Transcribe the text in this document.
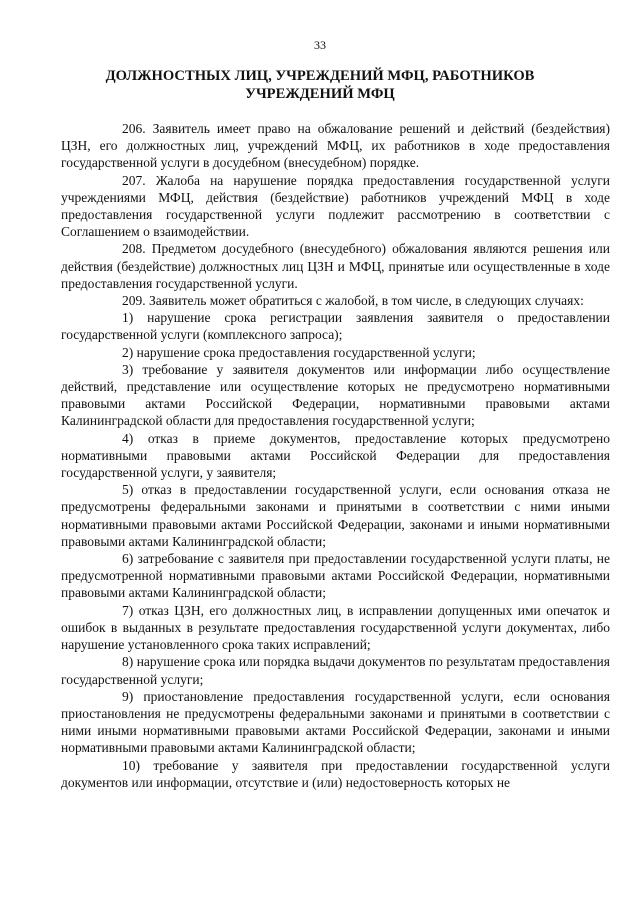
33
ДОЛЖНОСТНЫХ ЛИЦ, УЧРЕЖДЕНИЙ МФЦ, РАБОТНИКОВ
УЧРЕЖДЕНИЙ МФЦ

206. Заявитель имеет право на обжалование решений и действий (бездействия) ЦЗН, его должностных лиц, учреждений МФЦ, их работников в ходе предоставления государственной услуги в досудебном (внесудебном) порядке.

207. Жалоба на нарушение порядка предоставления государственной услуги учреждениями МФЦ, действия (бездействие) работников учреждений МФЦ в ходе предоставления государственной услуги подлежит рассмотрению в соответствии с Соглашением о взаимодействии.

208. Предметом досудебного (внесудебного) обжалования являются решения или действия (бездействие) должностных лиц ЦЗН и МФЦ, принятые или осуществленные в ходе предоставления государственной услуги.

209. Заявитель может обратиться с жалобой, в том числе, в следующих случаях:

1) нарушение срока регистрации заявления заявителя о предоставлении государственной услуги (комплексного запроса);

2) нарушение срока предоставления государственной услуги;

3) требование у заявителя документов или информации либо осуществление действий, представление или осуществление которых не предусмотрено нормативными правовыми актами Российской Федерации, нормативными правовыми актами Калининградской области для предоставления государственной услуги;

4) отказ в приеме документов, предоставление которых предусмотрено нормативными правовыми актами Российской Федерации для предоставления государственной услуги, у заявителя;

5) отказ в предоставлении государственной услуги, если основания отказа не предусмотрены федеральными законами и принятыми в соответствии с ними иными нормативными правовыми актами Российской Федерации, законами и иными нормативными правовыми актами Калининградской области;

6) затребование с заявителя при предоставлении государственной услуги платы, не предусмотренной нормативными правовыми актами Российской Федерации, нормативными правовыми актами Калининградской области;

7) отказ ЦЗН, его должностных лиц, в исправлении допущенных ими опечаток и ошибок в выданных в результате предоставления государственной услуги документах, либо нарушение установленного срока таких исправлений;

8) нарушение срока или порядка выдачи документов по результатам предоставления государственной услуги;

9) приостановление предоставления государственной услуги, если основания приостановления не предусмотрены федеральными законами и принятыми в соответствии с ними иными нормативными правовыми актами Российской Федерации, законами и иными нормативными правовыми актами Калининградской области;

10) требование у заявителя при предоставлении государственной услуги документов или информации, отсутствие и (или) недостоверность которых не
